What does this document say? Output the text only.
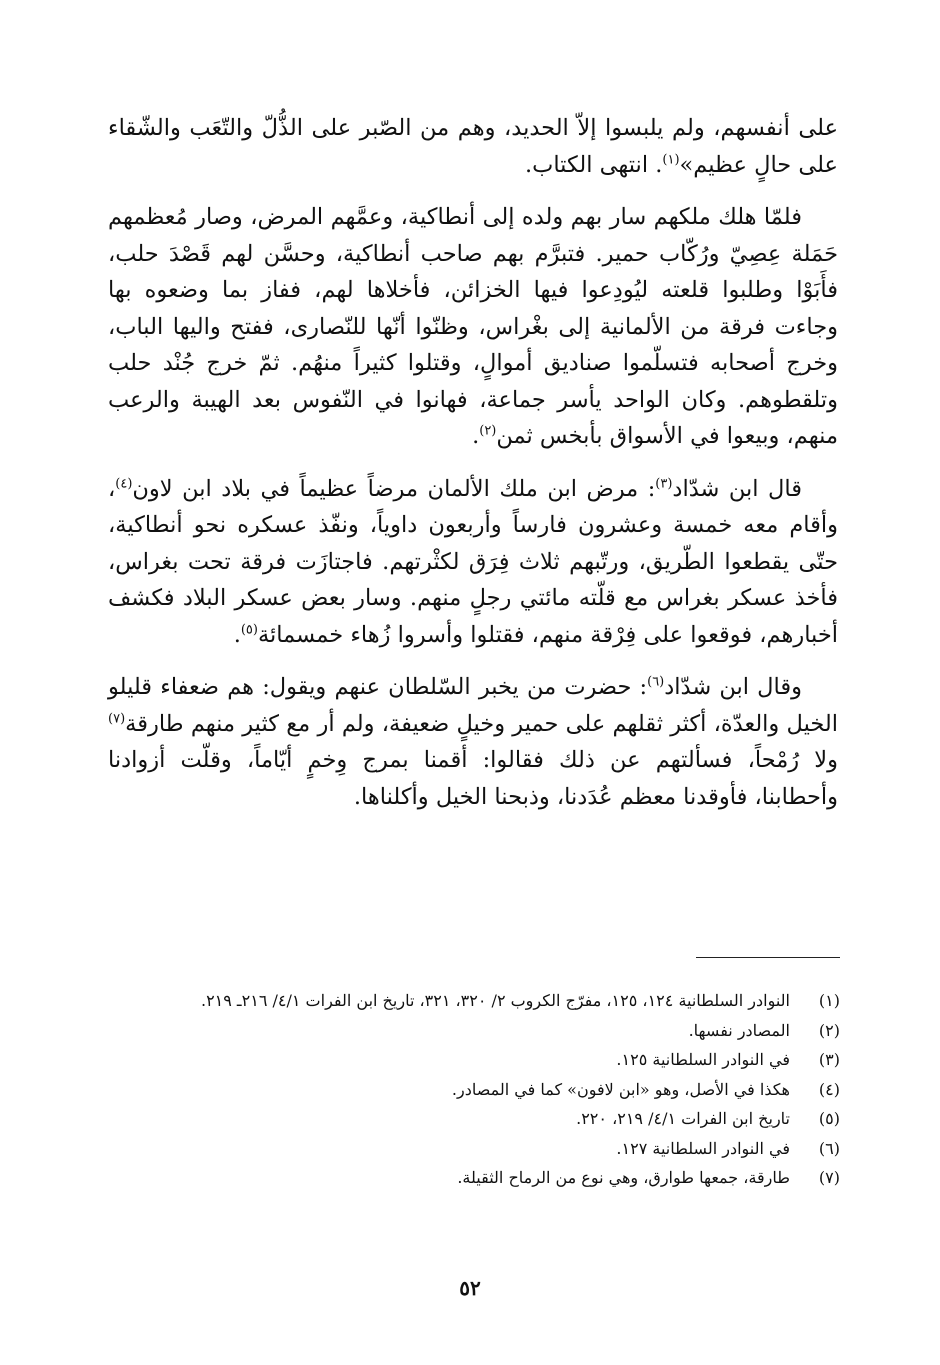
على أنفسهم، ولم يلبسوا إلاّ الحديد، وهم من الصّبر على الذُّلّ والتّعَب والشّقاء على حالٍ عظيم»$^{(١)}$. انتهى الكتاب.

فلمّا هلك ملكهم سار بهم ولده إلى أنطاكية، وعمَّهم المرض، وصار مُعظمهم حَمَلة عِصِيّ ورُكّاب حمير. فتبرَّم بهم صاحب أنطاكية، وحسَّن لهم قَصْدَ حلب، فأَبَوْا وطلبوا قلعته ليُودِعوا فيها الخزائن، فأخلاها لهم، ففاز بما وضعوه بها وجاءت فرقة من الألمانية إلى بغْراس، وظنّوا أنّها للنّصارى، ففتح واليها الباب، وخرج أصحابه فتسلّموا صناديق أموالٍ، وقتلوا كثيراً منهُم. ثمّ خرج جُنْد حلب وتلقطوهم. وكان الواحد يأسر جماعة، فهانوا في النّفوس بعد الهيبة والرعب منهم، وبيعوا في الأسواق بأبخس ثمن$^{(٢)}$.

قال ابن شدّاد$^{(٣)}$: مرض ابن ملك الألمان مرضاً عظيماً في بلاد ابن لاون$^{(٤)}$، وأقام معه خمسة وعشرون فارساً وأربعون داوياً، ونفّذ عسكره نحو أنطاكية، حتّى يقطعوا الطّريق، ورتّبهم ثلاث فِرَق لكثْرتهم. فاجتازَت فرقة تحت بغراس، فأخذ عسكر بغراس مع قلّته مائتي رجلٍ منهم. وسار بعض عسكر البلاد فكشف أخبارهم، فوقعوا على فِرْقة منهم، فقتلوا وأسروا زُهاء خمسمائة$^{(٥)}$.

وقال ابن شدّاد$^{(٦)}$: حضرت من يخبر السّلطان عنهم ويقول: هم ضعفاء قليلو الخيل والعدّة، أكثر ثقلهم على حمير وخيلٍ ضعيفة، ولم أر مع كثير منهم طارقة$^{(٧)}$ ولا رُمْحاً، فسألتهم عن ذلك فقالوا: أقمنا بمرج وِخمٍ أيّاماً، وقلّت أزوادنا وأحطابنا، فأوقدنا معظم عُدَدنا، وذبحنا الخيل وأكلناها.

(١)
النوادر السلطانية ١٢٤، ١٢٥، مفرّج الكروب ٢/ ٣٢٠، ٣٢١، تاريخ ابن الفرات ٤/١/ ٢١٦ـ ٢١٩.
(٢)
المصادر نفسها.
(٣)
في النوادر السلطانية ١٢٥.
(٤)
هكذا في الأصل، وهو «ابن لافون» كما في المصادر.
(٥)
تاريخ ابن الفرات ٤/١/ ٢١٩، ٢٢٠.
(٦)
في النوادر السلطانية ١٢٧.
(٧)
طارقة، جمعها طوارق، وهي نوع من الرماح الثقيلة.
٥٢
